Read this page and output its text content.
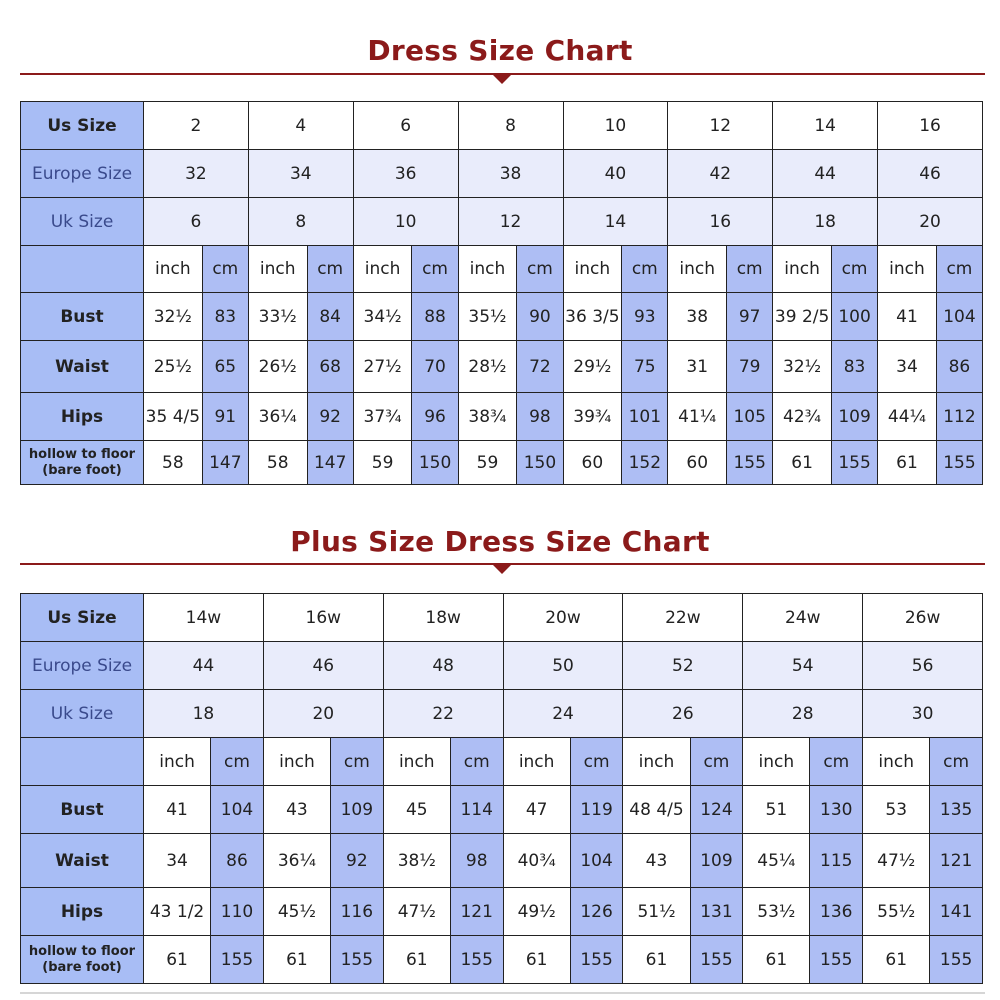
Dress Size Chart
Us Size	2		4		6		8		10		12		14		16	
Europe Size	32		34		36		38		40		42		44		46	
Uk Size	6		8		10		12		14		16		18		20	
	inch	cm	inch	cm	inch	cm	inch	cm	inch	cm	inch	cm	inch	cm	inch	cm
Bust	32½	83	33½	84	34½	88	35½	90	36 3/5	93	38	97	39 2/5	100	41	104
Waist	25½	65	26½	68	27½	70	28½	72	29½	75	31	79	32½	83	34	86
Hips	35 4/5	91	36¼	92	37¾	96	38¾	98	39¾	101	41¼	105	42¾	109	44¼	112
hollow to floor (bare foot)	58	147	58	147	59	150	59	150	60	152	60	155	61	155	61	155
Plus Size Dress Size Chart
Us Size	14w		16w		18w		20w		22w		24w		26w	
Europe Size	44		46		48		50		52		54		56	
Uk Size	18		20		22		24		26		28		30	
	inch	cm	inch	cm	inch	cm	inch	cm	inch	cm	inch	cm	inch	cm
Bust	41	104	43	109	45	114	47	119	48 4/5	124	51	130	53	135
Waist	34	86	36¼	92	38½	98	40¾	104	43	109	45¼	115	47½	121
Hips	43 1/2	110	45½	116	47½	121	49½	126	51½	131	53½	136	55½	141
hollow to floor (bare foot)	61	155	61	155	61	155	61	155	61	155	61	155	61	155
